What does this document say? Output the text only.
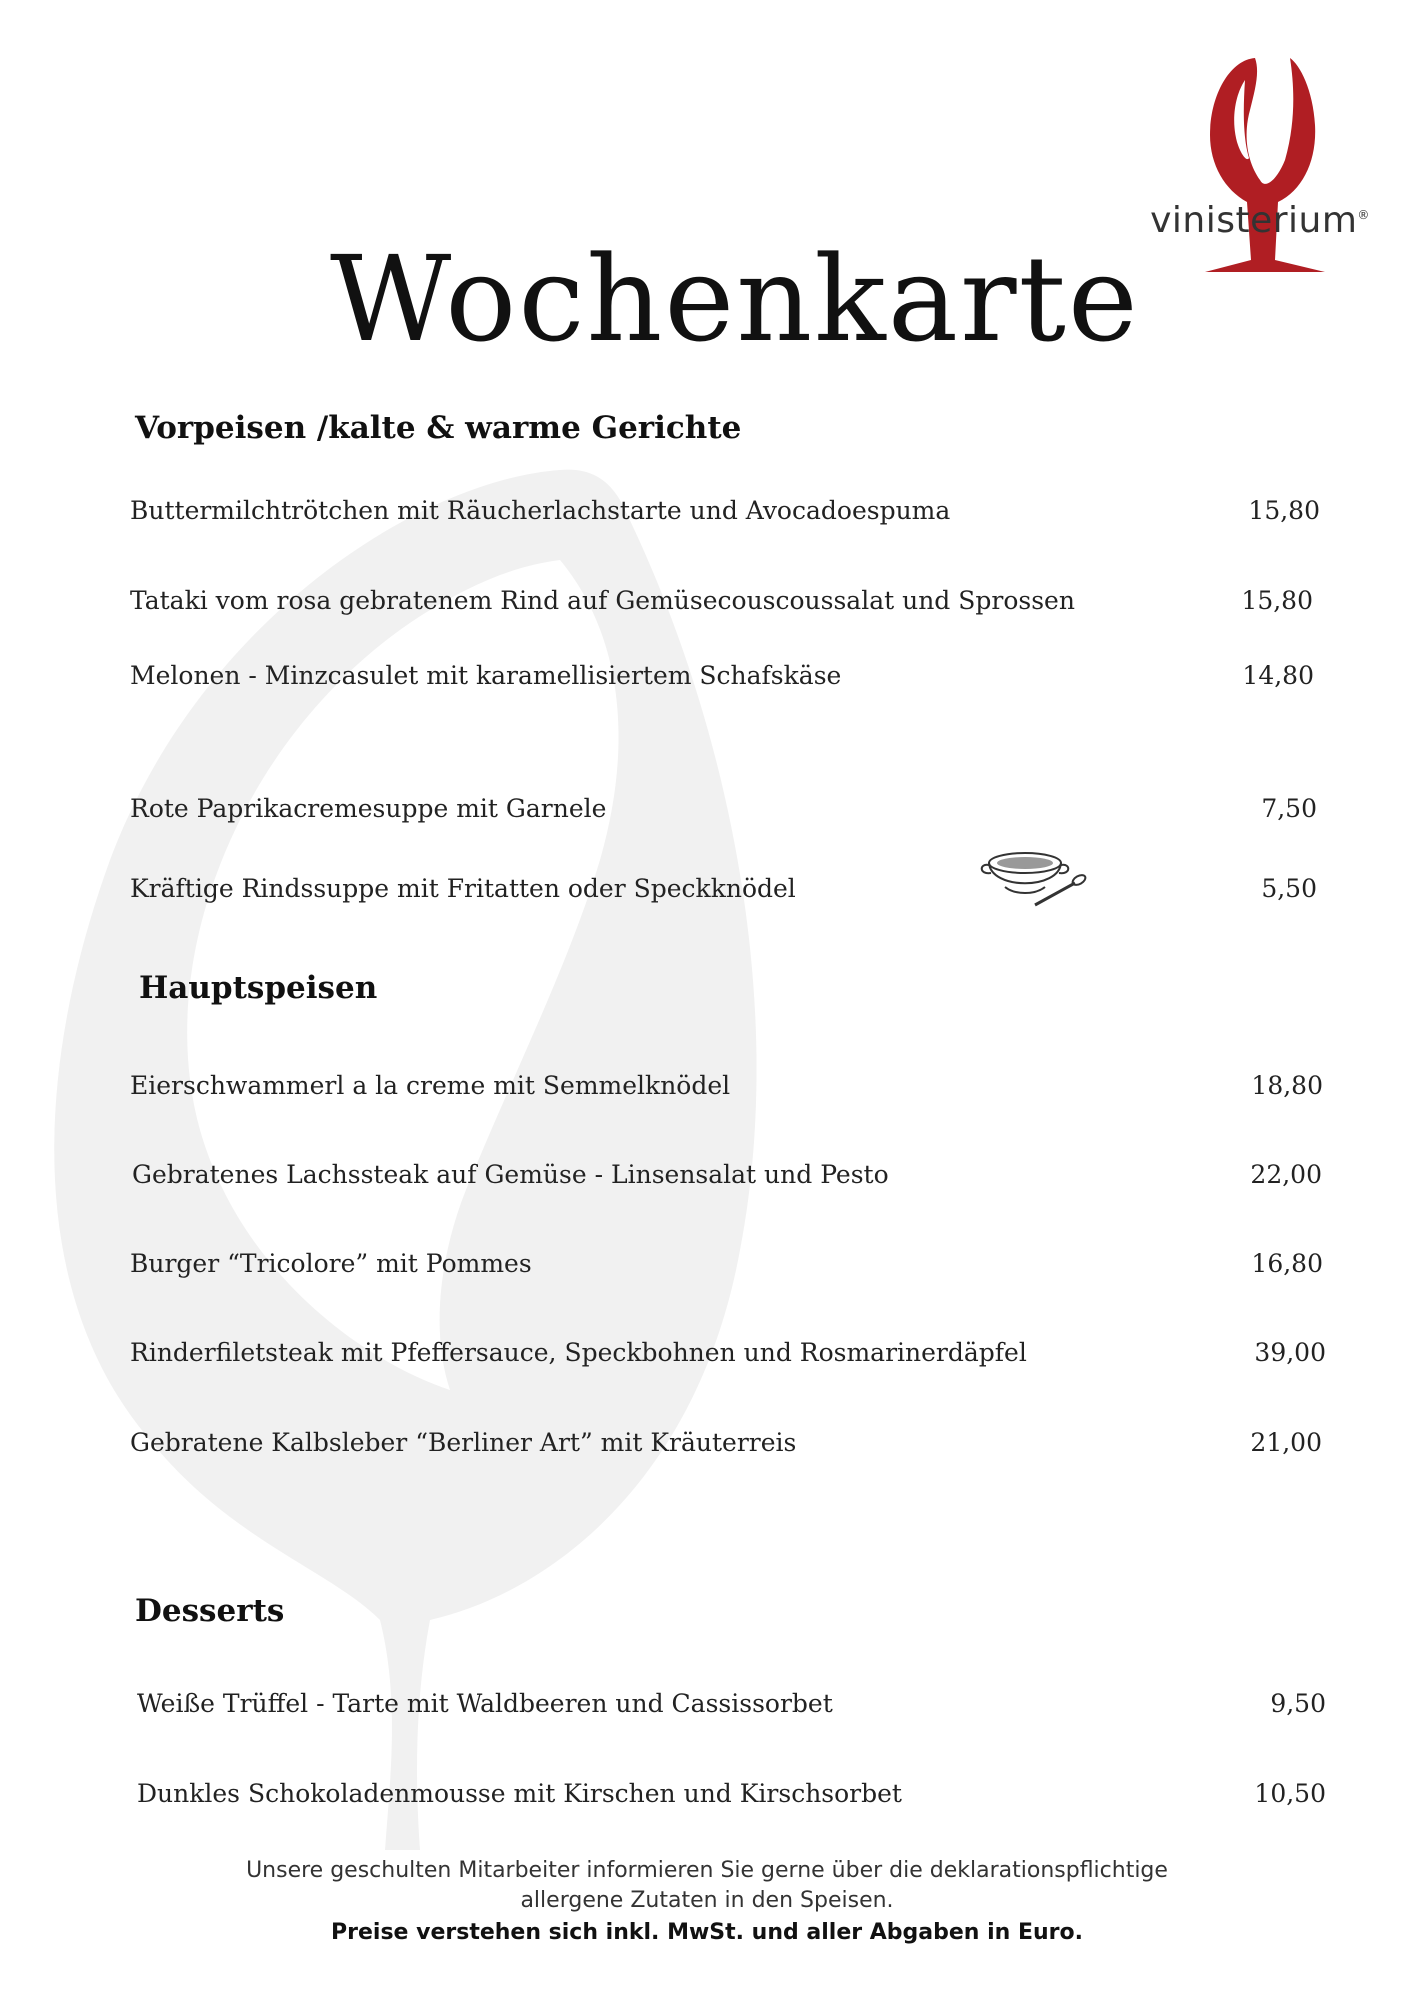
vinisterium®
Wochenkarte
Vorpeisen /kalte & warme Gerichte
Buttermilchtrötchen mit Räucherlachstarte und Avocadoespuma	15,80
Tataki vom rosa gebratenem Rind auf Gemüsecouscoussalat und Sprossen	15,80
Melonen - Minzcasulet mit karamellisiertem Schafskäse	14,80
Rote Paprikacremesuppe mit Garnele	7,50
Kräftige Rindssuppe mit Fritatten oder Speckknödel	5,50
Hauptspeisen
Eierschwammerl a la creme mit Semmelknödel	18,80
Gebratenes Lachssteak auf Gemüse - Linsensalat und Pesto	22,00
Burger “Tricolore” mit Pommes	16,80
Rinderfiletsteak mit Pfeffersauce, Speckbohnen und Rosmarinerdäpfel	39,00
Gebratene Kalbsleber “Berliner Art” mit Kräuterreis	21,00
Desserts
Weiße Trüffel - Tarte mit Waldbeeren und Cassissorbet	9,50
Dunkles Schokoladenmousse mit Kirschen und Kirschsorbet	10,50
Unsere geschulten Mitarbeiter informieren Sie gerne über die deklarationspflichtige
allergene Zutaten in den Speisen.
Preise verstehen sich inkl. MwSt. und aller Abgaben in Euro.
